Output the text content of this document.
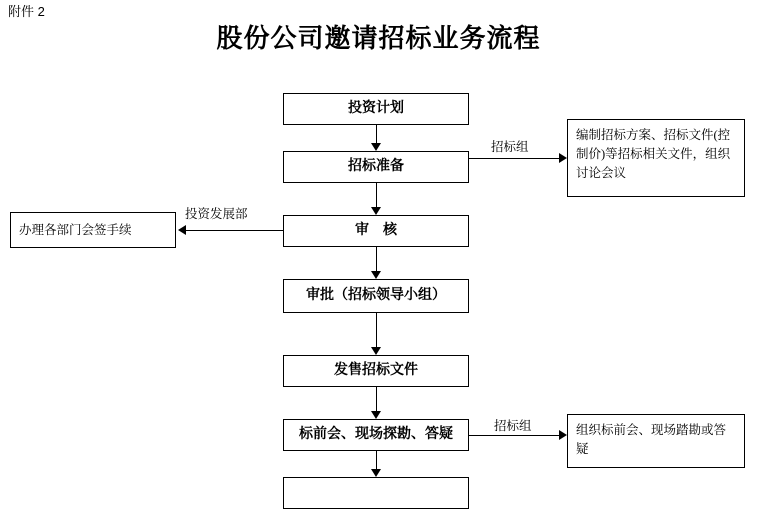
附件 2
股份公司邀请招标业务流程
投资计划
招标准备
审　核
审批（招标领导小组）
发售招标文件
标前会、现场探勘、答疑
编制招标方案、招标文件(控制价)等招标相关文件，组织讨论会议
办理各部门会签手续
组织标前会、现场踏勘或答疑
招标组
投资发展部
招标组
